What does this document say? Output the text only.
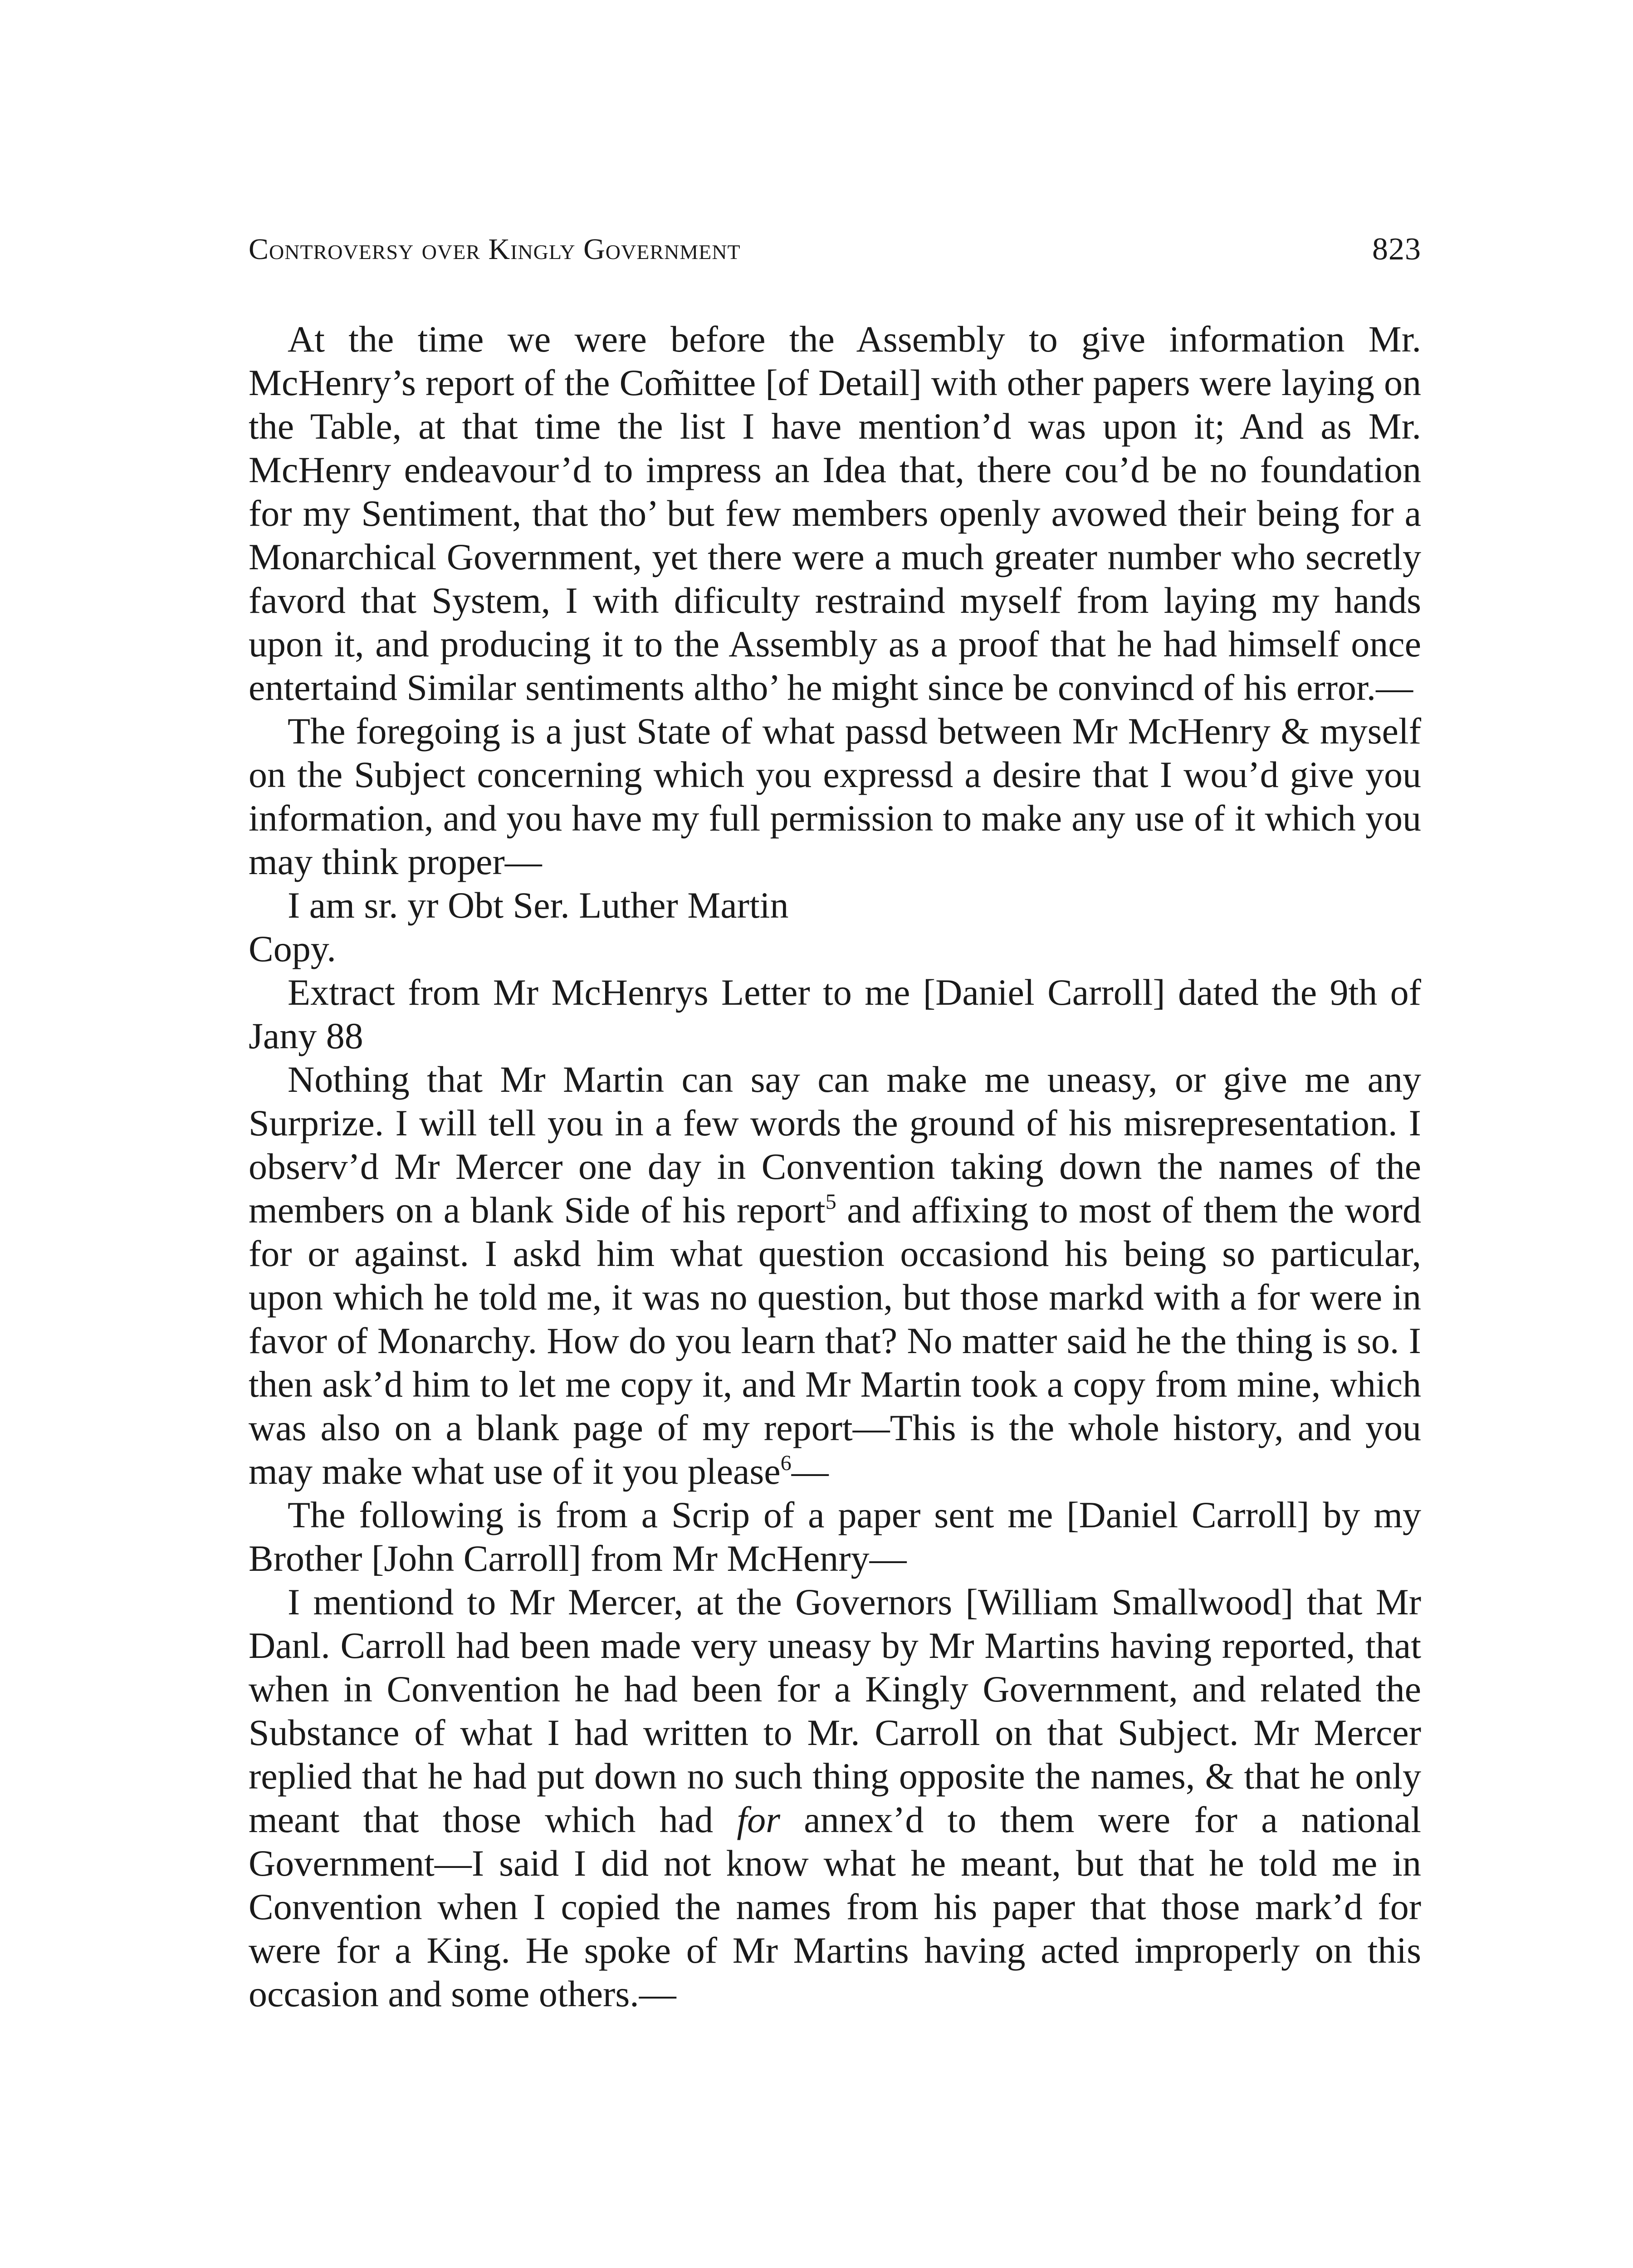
Controversy over Kingly Government	823

At the time we were before the Assembly to give information Mr. McHenry’s report of the Com̃ittee [of Detail] with other papers were laying on the Table, at that time the list I have mention’d was upon it; And as Mr. McHenry endeavour’d to impress an Idea that, there cou’d be no foundation for my Sentiment, that tho’ but few members openly avowed their being for a Monarchical Government, yet there were a much greater number who secretly favord that System, I with dificulty restraind myself from laying my hands upon it, and producing it to the Assembly as a proof that he had himself once entertaind Similar sentiments altho’ he might since be convincd of his error.—

The foregoing is a just State of what passd between Mr McHenry & myself on the Subject concerning which you expressd a desire that I wou’d give you information, and you have my full permission to make any use of it which you may think proper—

I am sr. yr Obt Ser. Luther Martin

Copy.

Extract from Mr McHenrys Letter to me [Daniel Carroll] dated the 9th of Jany 88

Nothing that Mr Martin can say can make me uneasy, or give me any Surprize. I will tell you in a few words the ground of his misrepresentation. I observ’d Mr Mercer one day in Convention taking down the names of the members on a blank Side of his report$^5$ and affixing to most of them the word for or against. I askd him what question occasiond his being so particular, upon which he told me, it was no question, but those markd with a for were in favor of Monarchy. How do you learn that? No matter said he the thing is so. I then ask’d him to let me copy it, and Mr Martin took a copy from mine, which was also on a blank page of my report—This is the whole history, and you may make what use of it you please$^6$—

The following is from a Scrip of a paper sent me [Daniel Carroll] by my Brother [John Carroll] from Mr McHenry—

I mentiond to Mr Mercer, at the Governors [William Smallwood] that Mr Danl. Carroll had been made very uneasy by Mr Martins having reported, that when in Convention he had been for a Kingly Government, and related the Substance of what I had written to Mr. Carroll on that Subject. Mr Mercer replied that he had put down no such thing opposite the names, & that he only meant that those which had for annex’d to them were for a national Government—I said I did not know what he meant, but that he told me in Convention when I copied the names from his paper that those mark’d for were for a King. He spoke of Mr Martins having acted improperly on this occasion and some others.—
